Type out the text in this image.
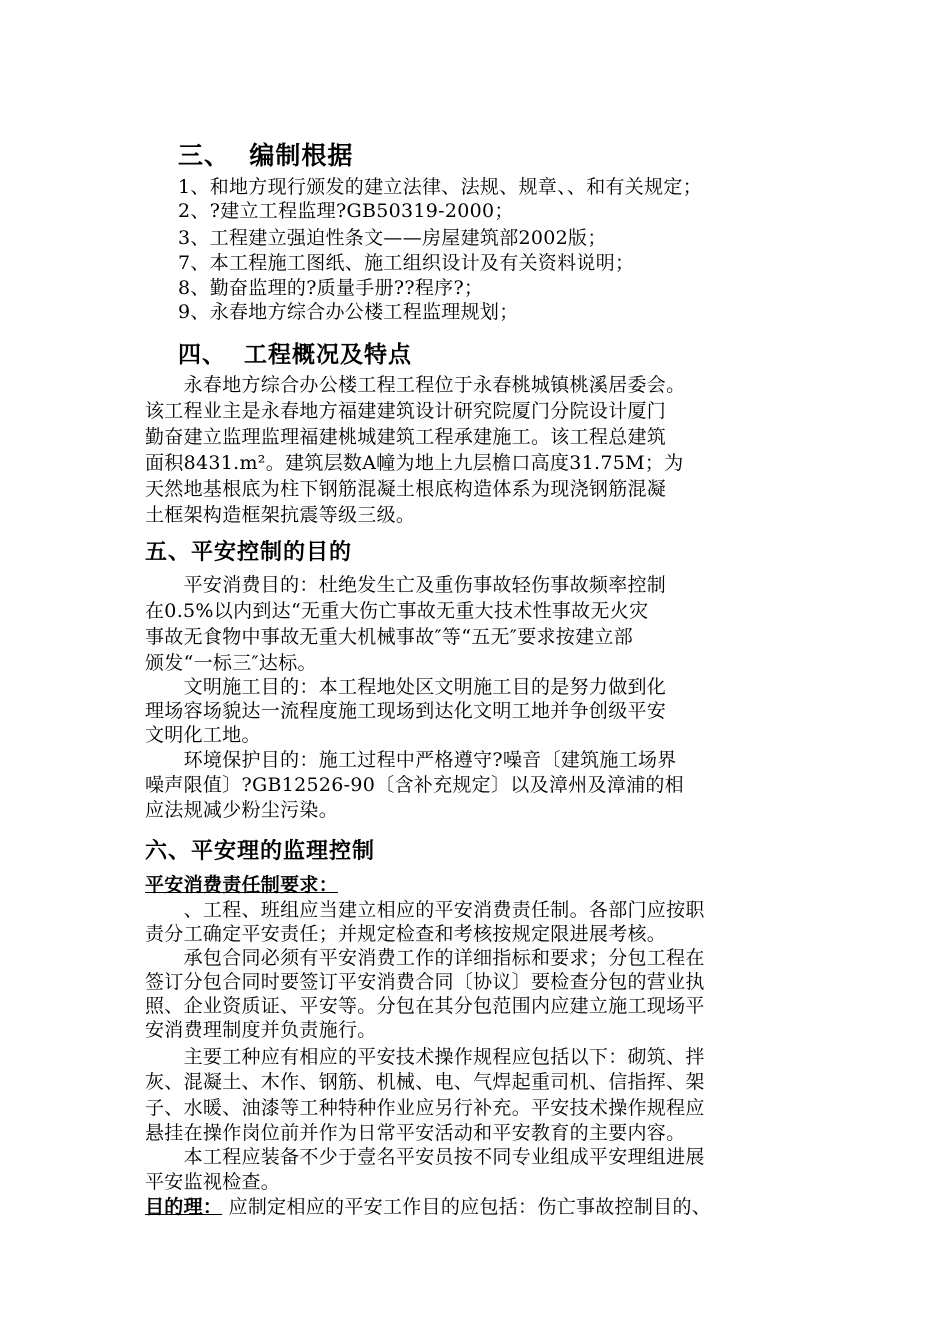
三、  编制根据
1、和地方现行颁发的建立法律、法规、规章、、和有关规定；
2、?建立工程监理?GB50319-2000；
3、工程建立强迫性条文——房屋建筑部2002版；
7、本工程施工图纸、施工组织设计及有关资料说明；
8、勤奋监理的?质量手册??程序?；
9、永春地方综合办公楼工程监理规划；
四、  工程概况及特点
　　永春地方综合办公楼工程工程位于永春桃城镇桃溪居委会。
该工程业主是永春地方福建建筑设计研究院厦门分院设计厦门
勤奋建立监理监理福建桃城建筑工程承建施工。该工程总建筑
面积8431.m²。建筑层数A幢为地上九层檐口高度31.75M；为
天然地基根底为柱下钢筋混凝土根底构造体系为现浇钢筋混凝
土框架构造框架抗震等级三级。
五、平安控制的目的
　　平安消费目的：杜绝发生亡及重伤事故轻伤事故频率控制
在0.5%以内到达“无重大伤亡事故无重大技术性事故无火灾
事故无食物中事故无重大机械事故″等“五无″要求按建立部
颁发“一标三″达标。
　　文明施工目的：本工程地处区文明施工目的是努力做到化
理场容场貌达一流程度施工现场到达化文明工地并争创级平安
文明化工地。
　　环境保护目的：施工过程中严格遵守?噪音〔建筑施工场界
噪声限值〕?GB12526-90〔含补充规定〕以及漳州及漳浦的相
应法规减少粉尘污染。
六、平安理的监理控制
平安消费责任制要求：
　　、工程、班组应当建立相应的平安消费责任制。各部门应按职
责分工确定平安责任；并规定检查和考核按规定限进展考核。
　　承包合同必须有平安消费工作的详细指标和要求；分包工程在
签订分包合同时要签订平安消费合同〔协议〕要检查分包的营业执
照、企业资质证、平安等。分包在其分包范围内应建立施工现场平
安消费理制度并负责施行。
　　主要工种应有相应的平安技术操作规程应包括以下：砌筑、拌
灰、混凝土、木作、钢筋、机械、电、气焊起重司机、信指挥、架
子、水暖、油漆等工种特种作业应另行补充。平安技术操作规程应
悬挂在操作岗位前并作为日常平安活动和平安教育的主要内容。
　　本工程应装备不少于壹名平安员按不同专业组成平安理组进展
平安监视检查。
目的理： 应制定相应的平安工作目的应包括：伤亡事故控制目的、
